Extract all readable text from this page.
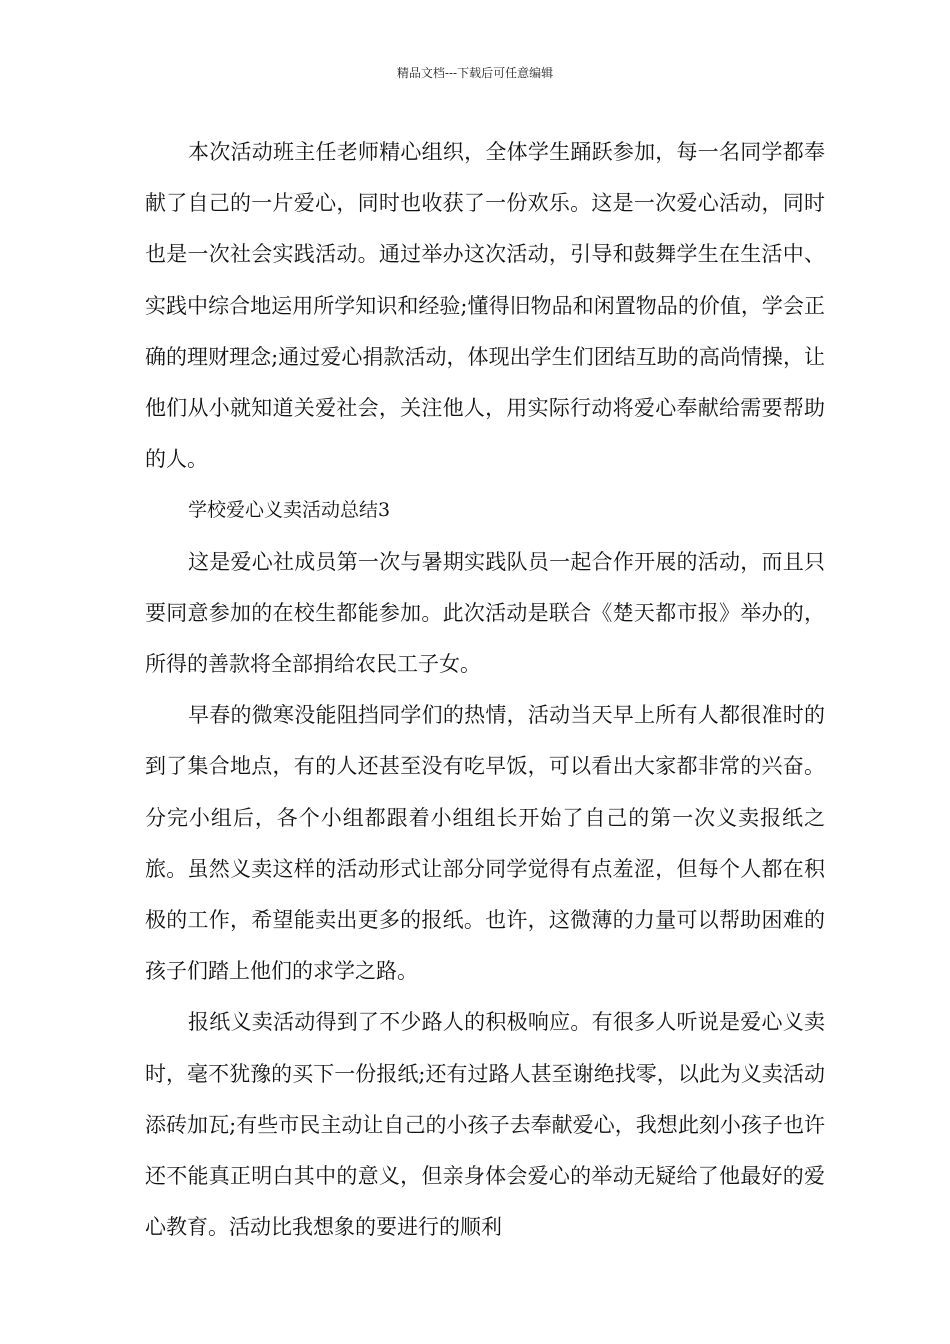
精品文档---下载后可任意编辑

本次活动班主任老师精心组织，全体学生踊跃参加，每一名同学都奉献了自己的一片爱心，同时也收获了一份欢乐。这是一次爱心活动，同时也是一次社会实践活动。通过举办这次活动，引导和鼓舞学生在生活中、实践中综合地运用所学知识和经验;懂得旧物品和闲置物品的价值，学会正确的理财理念;通过爱心捐款活动，体现出学生们团结互助的高尚情操，让他们从小就知道关爱社会，关注他人，用实际行动将爱心奉献给需要帮助的人。

学校爱心义卖活动总结3

这是爱心社成员第一次与暑期实践队员一起合作开展的活动，而且只要同意参加的在校生都能参加。此次活动是联合《楚天都市报》举办的，所得的善款将全部捐给农民工子女。

早春的微寒没能阻挡同学们的热情，活动当天早上所有人都很准时的到了集合地点，有的人还甚至没有吃早饭，可以看出大家都非常的兴奋。分完小组后，各个小组都跟着小组组长开始了自己的第一次义卖报纸之旅。虽然义卖这样的活动形式让部分同学觉得有点羞涩，但每个人都在积极的工作，希望能卖出更多的报纸。也许，这微薄的力量可以帮助困难的孩子们踏上他们的求学之路。

报纸义卖活动得到了不少路人的积极响应。有很多人听说是爱心义卖时，毫不犹豫的买下一份报纸;还有过路人甚至谢绝找零，以此为义卖活动添砖加瓦;有些市民主动让自己的小孩子去奉献爱心，我想此刻小孩子也许还不能真正明白其中的意义，但亲身体会爱心的举动无疑给了他最好的爱心教育。活动比我想象的要进行的顺利
